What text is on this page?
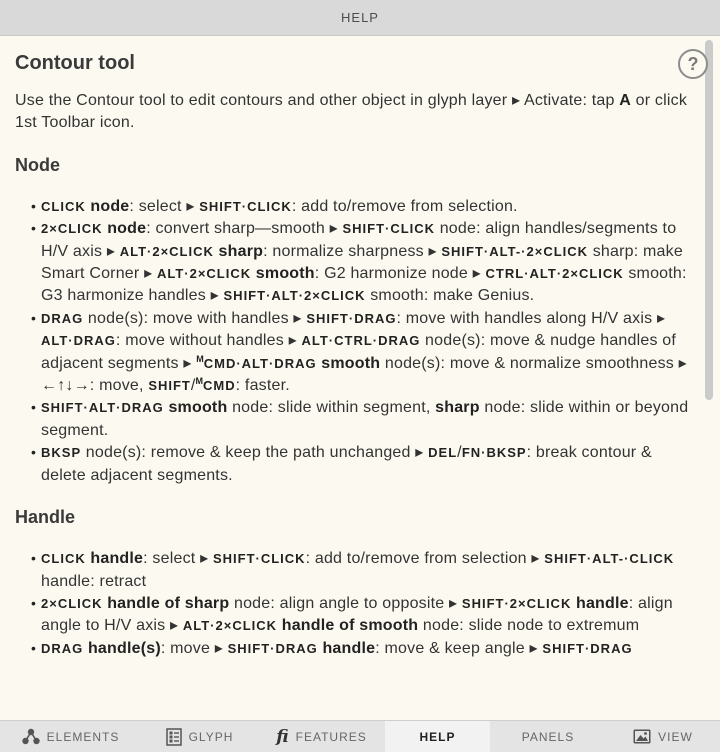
HELP
?
Contour tool

Use the Contour tool to edit contours and other object in glyph layer ▸ Activate: tap A or click 1st Toolbar icon.

Node
• CLICK node: select ▸ SHIFT·CLICK: add to/remove from selection.
• 2×CLICK node: convert sharp—smooth ▸ SHIFT·CLICK node: align handles/segments to H/V axis ▸ ALT·2×CLICK sharp: normalize sharpness ▸ SHIFT·ALT-·2×CLICK sharp: make Smart Corner ▸ ALT·2×CLICK smooth: G2 harmonize node ▸ CTRL·ALT·2×CLICK smooth: G3 harmonize handles ▸ SHIFT·ALT·2×CLICK smooth: make Genius.
• DRAG node(s): move with handles ▸ SHIFT·DRAG: move with handles along H/V axis ▸ ALT·DRAG: move without handles ▸ ALT·CTRL·DRAG node(s): move & nudge handles of adjacent segments ▸ $^M$CMD·ALT·DRAG smooth node(s): move & normalize smoothness ▸ ←↑↓→: move, SHIFT/$^M$CMD: faster.
• SHIFT·ALT·DRAG smooth node: slide within segment, sharp node: slide within or beyond segment.
• BKSP node(s): remove & keep the path unchanged ▸ DEL/FN·BKSP: break contour & delete adjacent segments.
Handle
• CLICK handle: select ▸ SHIFT·CLICK: add to/remove from selection ▸ SHIFT·ALT-·CLICK handle: retract
• 2×CLICK handle of sharp node: align angle to opposite ▸ SHIFT·2×CLICK handle: align angle to H/V axis ▸ ALT·2×CLICK handle of smooth node: slide node to extremum
• DRAG handle(s): move ▸ SHIFT·DRAG handle: move & keep angle ▸ SHIFT·DRAG
ELEMENTS	GLYPH	fi FEATURES	HELP	PANELS	VIEW
